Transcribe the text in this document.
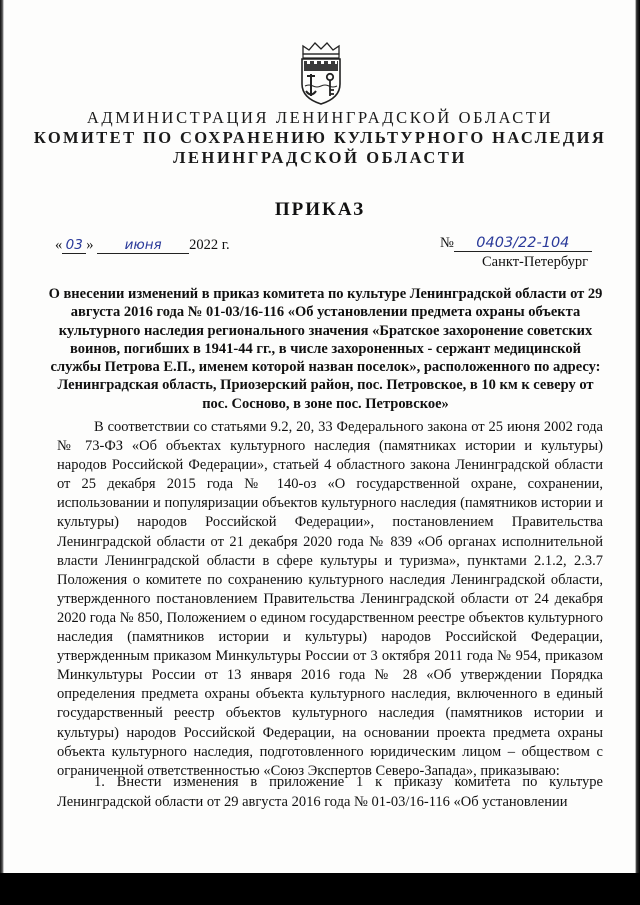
АДМИНИСТРАЦИЯ ЛЕНИНГРАДСКОЙ ОБЛАСТИ
КОМИТЕТ ПО СОХРАНЕНИЮ КУЛЬТУРНОГО НАСЛЕДИЯ
ЛЕНИНГРАДСКОЙ ОБЛАСТИ
ПРИКАЗ
« 03 » июня 2022 г.	№ 0403/22-104
Санкт-Петербург
О внесении изменений в приказ комитета по культуре Ленинградской области от 29 августа 2016 года № 01-03/16-116 «Об установлении предмета охраны объекта культурного наследия регионального значения «Братское захоронение советских воинов, погибших в 1941-44 гг., в числе захороненных - сержант медицинской службы Петрова Е.П., именем которой назван поселок», расположенного по адресу: Ленинградская область, Приозерский район, пос. Петровское, в 10 км к северу от пос. Сосново, в зоне пос. Петровское»

В соответствии со статьями 9.2, 20, 33 Федерального закона от 25 июня 2002 года № 73-ФЗ «Об объектах культурного наследия (памятниках истории и культуры) народов Российской Федерации», статьей 4 областного закона Ленинградской области от 25 декабря 2015 года № 140-оз «О государственной охране, сохранении, использовании и популяризации объектов культурного наследия (памятников истории и культуры) народов Российской Федерации», постановлением Правительства Ленинградской области от 21 декабря 2020 года № 839 «Об органах исполнительной власти Ленинградской области в сфере культуры и туризма», пунктами 2.1.2, 2.3.7 Положения о комитете по сохранению культурного наследия Ленинградской области, утвержденного постановлением Правительства Ленинградской области от 24 декабря 2020 года № 850, Положением о едином государственном реестре объектов культурного наследия (памятников истории и культуры) народов Российской Федерации, утвержденным приказом Минкультуры России от 3 октября 2011 года № 954, приказом Минкультуры России от 13 января 2016 года № 28 «Об утверждении Порядка определения предмета охраны объекта культурного наследия, включенного в единый государственный реестр объектов культурного наследия (памятников истории и культуры) народов Российской Федерации, на основании проекта предмета охраны объекта культурного наследия, подготовленного юридическим лицом – обществом с ограниченной ответственностью «Союз Экспертов Северо-Запада», приказываю:

1. Внести изменения в приложение 1 к приказу комитета по культуре Ленинградской области от 29 августа 2016 года № 01-03/16-116 «Об установлении
